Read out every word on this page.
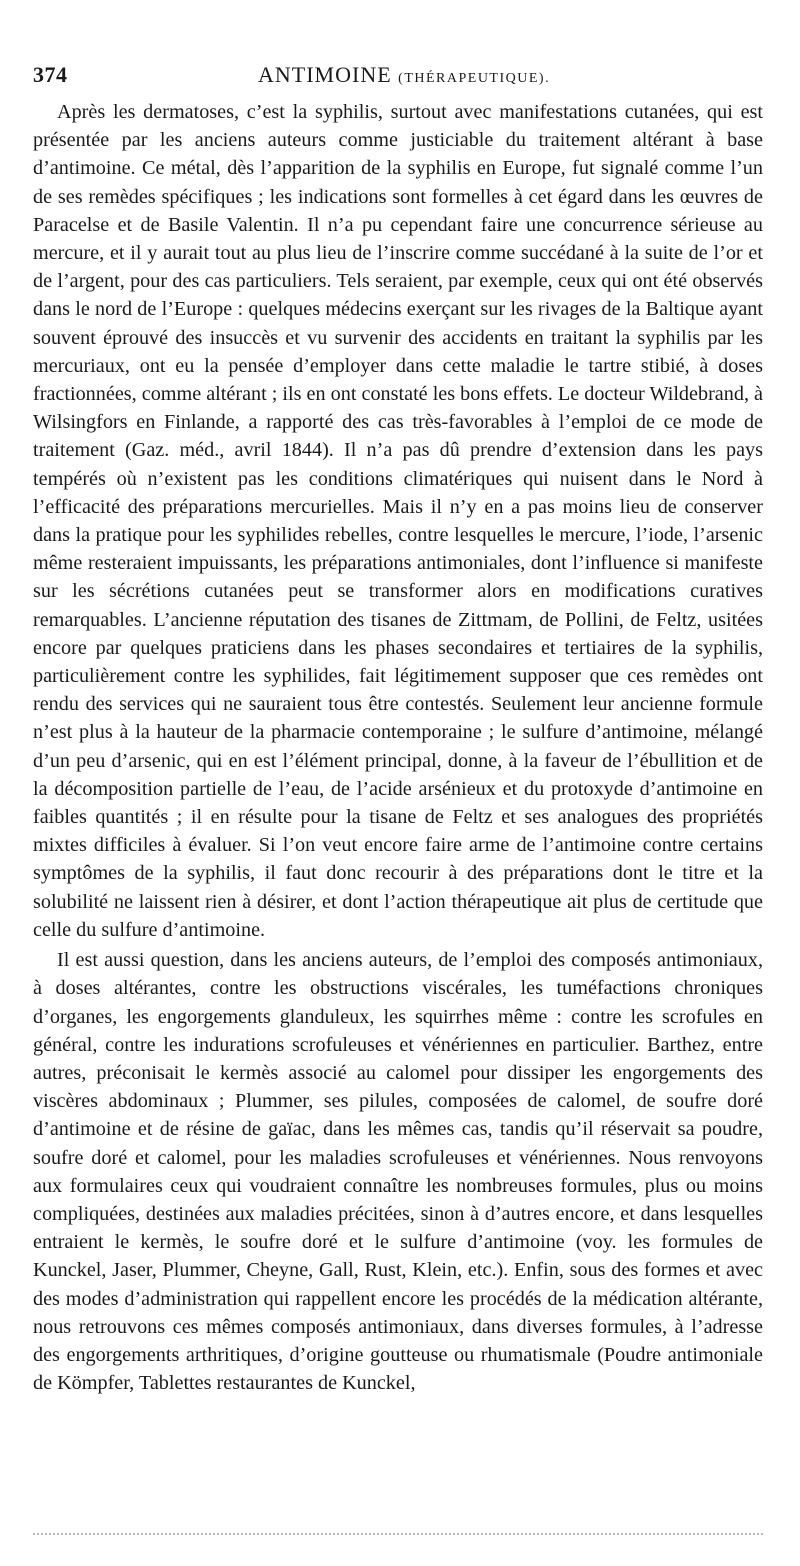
374	ANTIMOINE (THÉRAPEUTIQUE).

Après les dermatoses, c’est la syphilis, surtout avec manifestations cutanées, qui est présentée par les anciens auteurs comme justiciable du traitement altérant à base d’antimoine. Ce métal, dès l’apparition de la syphilis en Europe, fut signalé comme l’un de ses remèdes spécifiques ; les indications sont formelles à cet égard dans les œuvres de Paracelse et de Basile Valentin. Il n’a pu cependant faire une concurrence sérieuse au mercure, et il y aurait tout au plus lieu de l’inscrire comme succédané à la suite de l’or et de l’argent, pour des cas particuliers. Tels seraient, par exemple, ceux qui ont été observés dans le nord de l’Europe : quelques médecins exerçant sur les rivages de la Baltique ayant souvent éprouvé des insuccès et vu survenir des accidents en traitant la syphilis par les mercuriaux, ont eu la pensée d’employer dans cette maladie le tartre stibié, à doses fractionnées, comme altérant ; ils en ont constaté les bons effets. Le docteur Wildebrand, à Wilsingfors en Finlande, a rapporté des cas très-favorables à l’emploi de ce mode de traitement (Gaz. méd., avril 1844). Il n’a pas dû prendre d’extension dans les pays tempérés où n’existent pas les conditions climatériques qui nuisent dans le Nord à l’efficacité des préparations mercurielles. Mais il n’y en a pas moins lieu de conserver dans la pratique pour les syphilides rebelles, contre lesquelles le mercure, l’iode, l’arsenic même resteraient impuissants, les préparations antimoniales, dont l’influence si manifeste sur les sécrétions cutanées peut se transformer alors en modifications curatives remarquables. L’ancienne réputation des tisanes de Zittmam, de Pollini, de Feltz, usitées encore par quelques praticiens dans les phases secondaires et tertiaires de la syphilis, particulièrement contre les syphilides, fait légitimement supposer que ces remèdes ont rendu des services qui ne sauraient tous être contestés. Seulement leur ancienne formule n’est plus à la hauteur de la pharmacie contemporaine ; le sulfure d’antimoine, mélangé d’un peu d’arsenic, qui en est l’élément principal, donne, à la faveur de l’ébullition et de la décomposition partielle de l’eau, de l’acide arsénieux et du protoxyde d’antimoine en faibles quantités ; il en résulte pour la tisane de Feltz et ses analogues des propriétés mixtes difficiles à évaluer. Si l’on veut encore faire arme de l’antimoine contre certains symptômes de la syphilis, il faut donc recourir à des préparations dont le titre et la solubilité ne laissent rien à désirer, et dont l’action thérapeutique ait plus de certitude que celle du sulfure d’antimoine.

Il est aussi question, dans les anciens auteurs, de l’emploi des composés antimoniaux, à doses altérantes, contre les obstructions viscérales, les tuméfactions chroniques d’organes, les engorgements glanduleux, les squirrhes même : contre les scrofules en général, contre les indurations scrofuleuses et vénériennes en particulier. Barthez, entre autres, préconisait le kermès associé au calomel pour dissiper les engorgements des viscères abdominaux ; Plummer, ses pilules, composées de calomel, de soufre doré d’antimoine et de résine de gaïac, dans les mêmes cas, tandis qu’il réservait sa poudre, soufre doré et calomel, pour les maladies scrofuleuses et vénériennes. Nous renvoyons aux formulaires ceux qui voudraient connaître les nombreuses formules, plus ou moins compliquées, destinées aux maladies précitées, sinon à d’autres encore, et dans lesquelles entraient le kermès, le soufre doré et le sulfure d’antimoine (voy. les formules de Kunckel, Jaser, Plummer, Cheyne, Gall, Rust, Klein, etc.). Enfin, sous des formes et avec des modes d’administration qui rappellent encore les procédés de la médication altérante, nous retrouvons ces mêmes composés antimoniaux, dans diverses formules, à l’adresse des engorgements arthritiques, d’origine goutteuse ou rhumatismale (Poudre antimoniale de Kömpfer, Tablettes restaurantes de Kunckel,
